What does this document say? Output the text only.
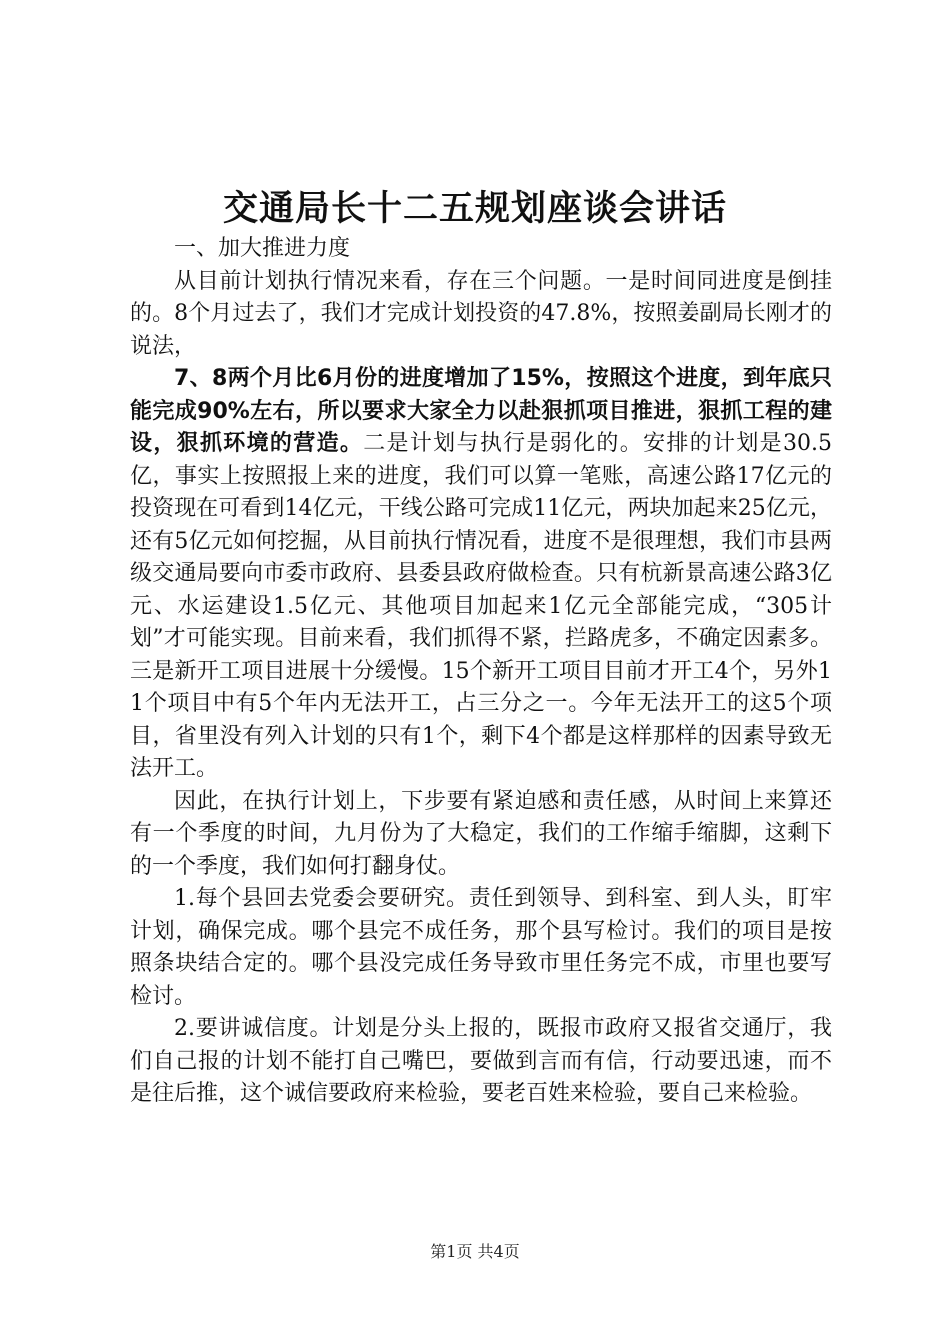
交通局长十二五规划座谈会讲话

一、加大推进力度

从目前计划执行情况来看，存在三个问题。一是时间同进度是倒挂的。8个月过去了，我们才完成计划投资的47.8%，按照姜副局长刚才的说法，

7、8两个月比6月份的进度增加了15%，按照这个进度，到年底只能完成90%左右，所以要求大家全力以赴狠抓项目推进，狠抓工程的建设，狠抓环境的营造。二是计划与执行是弱化的。安排的计划是30.5亿，事实上按照报上来的进度，我们可以算一笔账，高速公路17亿元的投资现在可看到14亿元，干线公路可完成11亿元，两块加起来25亿元，还有5亿元如何挖掘，从目前执行情况看，进度不是很理想，我们市县两级交通局要向市委市政府、县委县政府做检查。只有杭新景高速公路3亿元、水运建设1.5亿元、其他项目加起来1亿元全部能完成，“305计划”才可能实现。目前来看，我们抓得不紧，拦路虎多，不确定因素多。三是新开工项目进展十分缓慢。15个新开工项目目前才开工4个，另外11个项目中有5个年内无法开工，占三分之一。今年无法开工的这5个项目，省里没有列入计划的只有1个，剩下4个都是这样那样的因素导致无法开工。

因此，在执行计划上，下步要有紧迫感和责任感，从时间上来算还有一个季度的时间，九月份为了大稳定，我们的工作缩手缩脚，这剩下的一个季度，我们如何打翻身仗。

1.每个县回去党委会要研究。责任到领导、到科室、到人头，盯牢计划，确保完成。哪个县完不成任务，那个县写检讨。我们的项目是按照条块结合定的。哪个县没完成任务导致市里任务完不成，市里也要写检讨。

2.要讲诚信度。计划是分头上报的，既报市政府又报省交通厅，我们自己报的计划不能打自己嘴巴，要做到言而有信，行动要迅速，而不是往后推，这个诚信要政府来检验，要老百姓来检验，要自己来检验。

第1页 共4页
